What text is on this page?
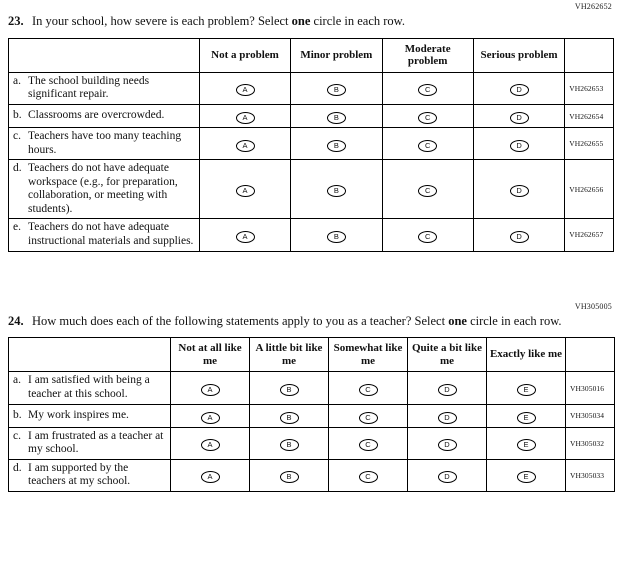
VH262652
23. In your school, how severe is each problem? Select one circle in each row.
	Not a problem	Minor problem	Moderate problem	Serious problem	

a. The school building needs significant repair.	A	B	C	D	VH262653

b. Classrooms are overcrowded.	A	B	C	D	VH262654

c. Teachers have too many teaching hours.	A	B	C	D	VH262655

d. Teachers do not have adequate workspace (e.g., for preparation, collaboration, or meeting with students).	A	B	C	D	VH262656

e. Teachers do not have adequate instructional materials and supplies.	A	B	C	D	VH262657
VH305005
24. How much does each of the following statements apply to you as a teacher? Select one circle in each row.
	Not at all like me	A little bit like me	Somewhat like me	Quite a bit like me	Exactly like me	

a. I am satisfied with being a teacher at this school.	A	B	C	D	E	VH305016

b. My work inspires me.	A	B	C	D	E	VH305034

c. I am frustrated as a teacher at my school.	A	B	C	D	E	VH305032

d. I am supported by the teachers at my school.	A	B	C	D	E	VH305033
